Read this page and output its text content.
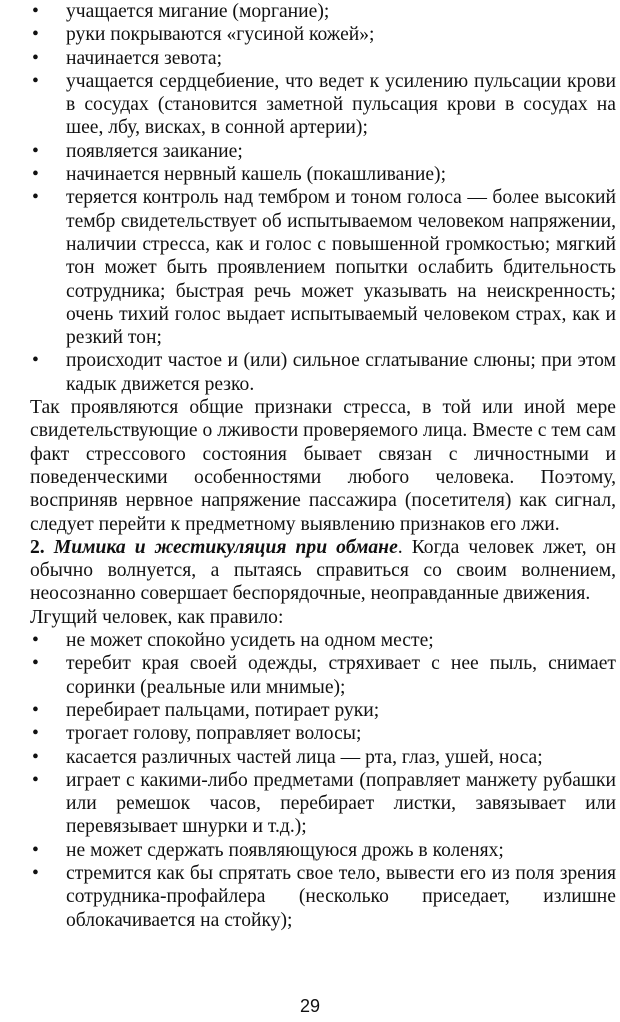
• учащается мигание (моргание);
• руки покрываются «гусиной кожей»;
• начинается зевота;
• учащается сердцебиение, что ведет к усилению пульсации крови в сосудах (становится заметной пульсация крови в сосудах на шее, лбу, висках, в сонной артерии);
• появляется заикание;
• начинается нервный кашель (покашливание);
• теряется контроль над тембром и тоном голоса — более высокий тембр свидетельствует об испытываемом человеком напряжении, наличии стресса, как и голос с повышенной громкостью; мягкий тон может быть проявлением попытки ослабить бдительность сотрудника; быстрая речь может указывать на неискренность; очень тихий голос выдает испытываемый человеком страх, как и резкий тон;
• происходит частое и (или) сильное сглатывание слюны; при этом кадык движется резко.

Так проявляются общие признаки стресса, в той или иной мере свидетельствующие о лживости проверяемого лица. Вместе с тем сам факт стрессового состояния бывает связан с личностными и поведенческими особенностями любого человека. Поэтому, восприняв нервное напряжение пассажира (посетителя) как сигнал, следует перейти к предметному выявлению признаков его лжи.

2. Мимика и жестикуляция при обмане. Когда человек лжет, он обычно волнуется, а пытаясь справиться со своим волнением, неосознанно совершает беспорядочные, неоправданные движения.

Лгущий человек, как правило:

• не может спокойно усидеть на одном месте;
• теребит края своей одежды, стряхивает с нее пыль, снимает соринки (реальные или мнимые);
• перебирает пальцами, потирает руки;
• трогает голову, поправляет волосы;
• касается различных частей лица — рта, глаз, ушей, носа;
• играет с какими-либо предметами (поправляет манжету рубашки или ремешок часов, перебирает листки, завязывает или перевязывает шнурки и т.д.);
• не может сдержать появляющуюся дрожь в коленях;
• стремится как бы спрятать свое тело, вывести его из поля зрения сотрудника-профайлера (несколько приседает, излишне облокачивается на стойку);
29
